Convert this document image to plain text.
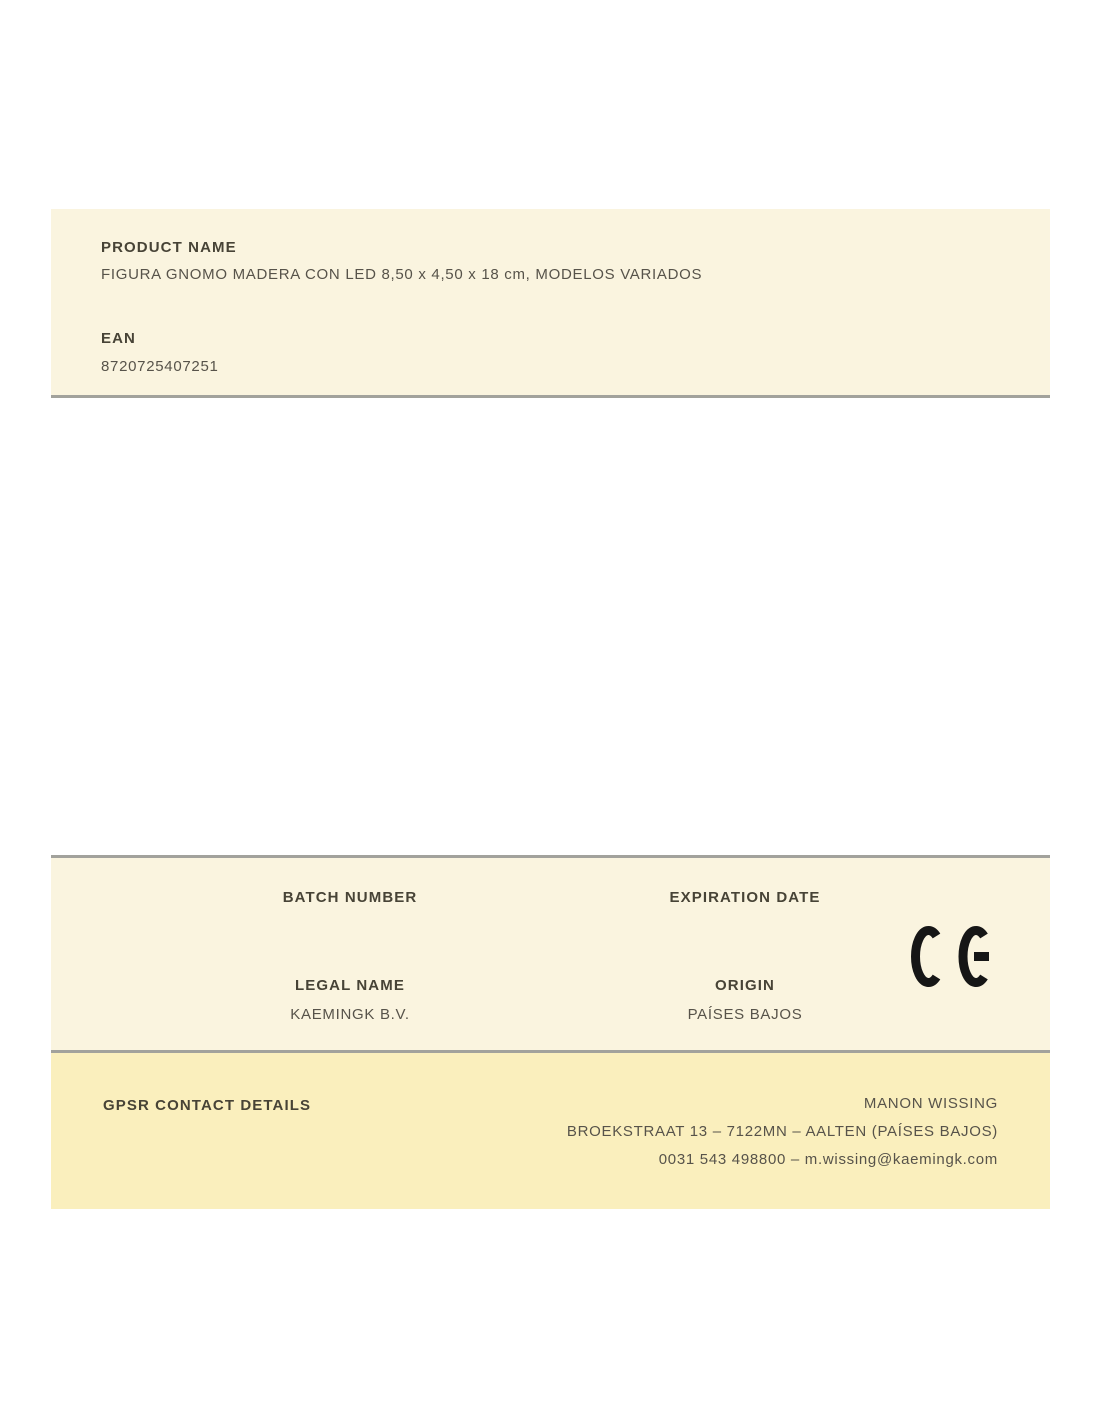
PRODUCT NAME
FIGURA GNOMO MADERA CON LED 8,50 x 4,50 x 18 cm, MODELOS VARIADOS
EAN
8720725407251
BATCH NUMBER	EXPIRATION DATE
LEGAL NAME
KAEMINGK B.V.
ORIGIN
PAÍSES BAJOS
GPSR CONTACT DETAILS	MANON WISSING
BROEKSTRAAT 13 – 7122MN – AALTEN (PAÍSES BAJOS)
0031 543 498800 – m.wissing@kaemingk.com
